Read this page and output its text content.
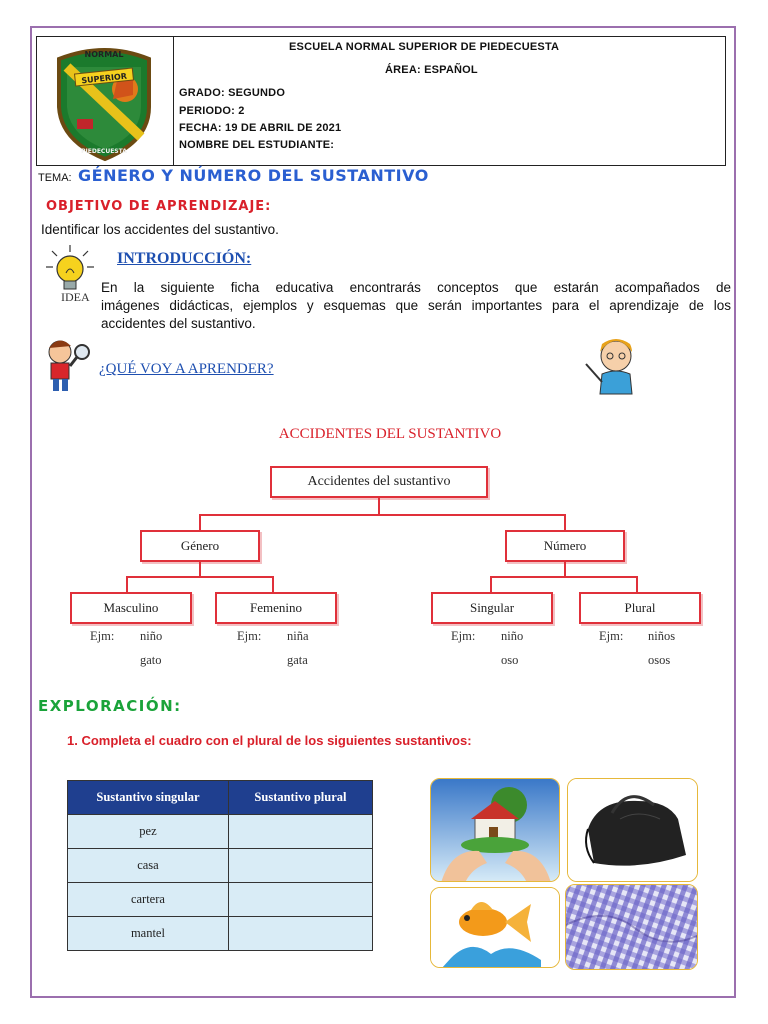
SUPERIOR
NORMAL
PIEDECUESTA
ESCUELA NORMAL SUPERIOR DE PIEDECUESTA
ÁREA: ESPAÑOL
GRADO: SEGUNDO
PERIODO: 2
FECHA: 19 DE ABRIL DE 2021
NOMBRE DEL ESTUDIANTE:
TEMA: GÉNERO Y NÚMERO DEL SUSTANTIVO
OBJETIVO DE APRENDIZAJE:
Identificar los accidentes del sustantivo.
IDEA
INTRODUCCIÓN:
En la siguiente ficha educativa encontrarás conceptos que estarán acompañados de
imágenes didácticas, ejemplos y esquemas que serán importantes para el aprendizaje de los
accidentes del sustantivo.
¿QUÉ VOY A APRENDER?
ACCIDENTES DEL SUSTANTIVO
Accidentes del sustantivo
Género	Número
Masculino	Femenino	Singular	Plural
Ejm: niño
gato
Ejm: niña
gata
Ejm: niño
oso
Ejm: niños
osos
EXPLORACIÓN:
1. Completa el cuadro con el plural de los siguientes sustantivos:
Sustantivo singular	Sustantivo plural
pez	
casa	
cartera	
mantel	
